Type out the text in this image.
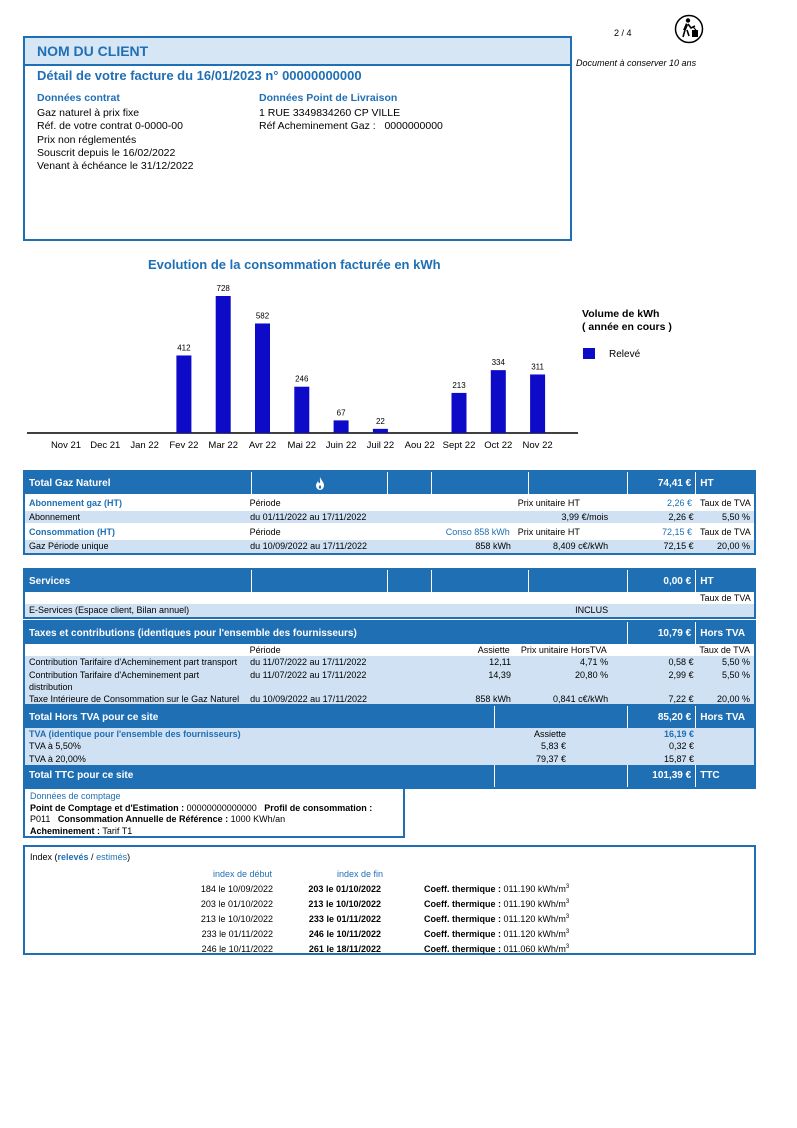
2 / 4
Document à conserver 10 ans
NOM DU CLIENT
Détail de votre facture du 16/01/2023 n° 00000000000
Données contrat
Gaz naturel à prix fixe
Réf. de votre contrat 0-0000-00
Prix non réglementés
Souscrit depuis le 16/02/2022
Venant à échéance le 31/12/2022
Données Point de Livraison
1 RUE 3349834260 CP VILLE
Réf Acheminement Gaz :   0000000000
Evolution de la consommation facturée en kWh
Nov 21 Dec 21 Jan 22 Fev 22
412
Mar 22
728
Avr 22
582
Mai 22
246
Juin 22
67
Juil 22
22
Aou 22 Sept 22
213
Oct 22
334
Nov 22
311
Volume de kWh
( année en cours )
Relevé
Total Gaz Naturel	74,41 € HT
Abonnement gaz (HT)	Période	Prix unitaire HT	2,26 € Taux de TVA
Abonnement	du 01/11/2022 au 17/11/2022	3,99 €/mois	2,26 €	5,50 %
Consommation (HT)	Période	Conso 858 kWh Prix unitaire HT	72,15 € Taux de TVA
Gaz Période unique	du 10/09/2022 au 17/11/2022	858 kWh	8,409 c€/kWh	72,15 €	20,00 %
Services	0,00 € HT
Taux de TVA
E-Services (Espace client, Bilan annuel)	INCLUS
Taxes et contributions (identiques pour l'ensemble des fournisseurs)	10,79 € Hors TVA
Période	Assiette	Prix unitaire HorsTVA	Taux de TVA
Contribution Tarifaire d'Acheminement part transport	du 11/07/2022 au 17/11/2022	12,11	4,71 %	0,58 €	5,50 %
Contribution Tarifaire d'Acheminement part	du 11/07/2022 au 17/11/2022	14,39	20,80 %	2,99 €	5,50 %
distribution
Taxe Intérieure de Consommation sur le Gaz Naturel	du 10/09/2022 au 17/11/2022	858 kWh	0,841 c€/kWh	7,22 €	20,00 %
Total Hors TVA pour ce site	85,20 € Hors TVA
TVA (identique pour l'ensemble des fournisseurs)	Assiette	16,19 €
TVA à 5,50%	5,83 €	0,32 €
TVA à 20,00%	79,37 €	15,87 €
Total TTC pour ce site	101,39 € TTC
Données de comptage
Point de Comptage et d'Estimation : 00000000000000 Profil de consommation :
P011 Consommation Annuelle de Référence : 1000 KWh/an
Acheminement : Tarif T1
Index (relevés / estimés)
index de début	index de fin
184 le 10/09/2022	203 le 01/10/2022	Coeff. thermique : 011.190 kWh/$m^3$
203 le 01/10/2022	213 le 10/10/2022	Coeff. thermique : 011.190 kWh/$m^3$
213 le 10/10/2022	233 le 01/11/2022	Coeff. thermique : 011.120 kWh/$m^3$
233 le 01/11/2022	246 le 10/11/2022	Coeff. thermique : 011.120 kWh/$m^3$
246 le 10/11/2022	261 le 18/11/2022	Coeff. thermique : 011.060 kWh/$m^3$
